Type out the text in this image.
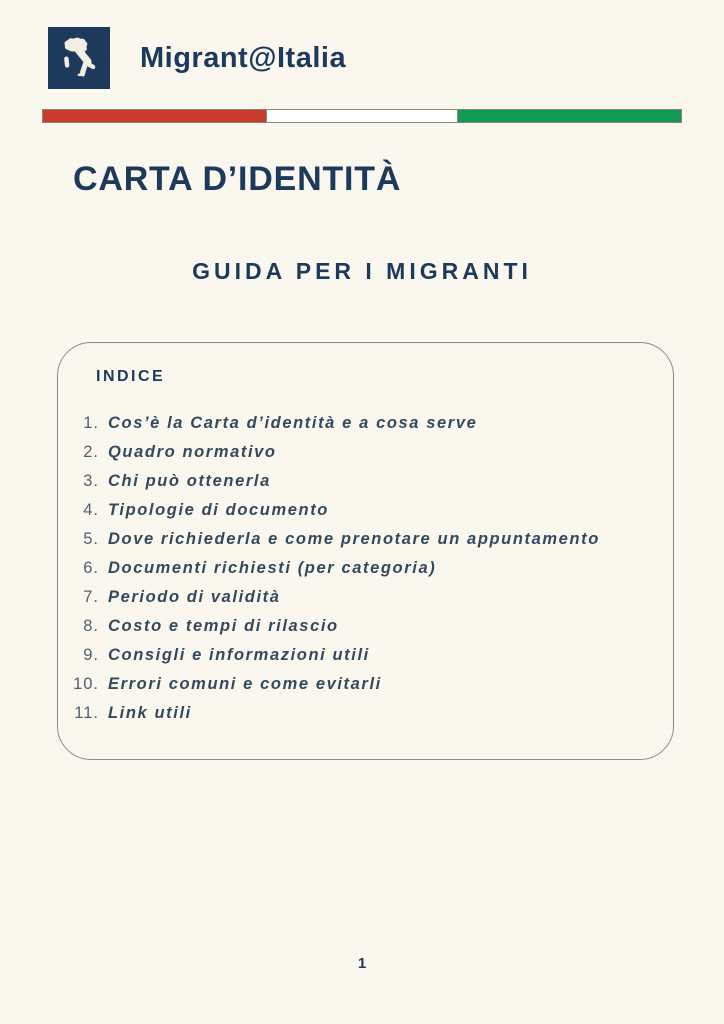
Migrant@Italia
CARTA D’IDENTITÀ
GUIDA PER I MIGRANTI
INDICE
1. Cos’è la Carta d’identità e a cosa serve
2. Quadro normativo
3. Chi può ottenerla
4. Tipologie di documento
5. Dove richiederla e come prenotare un appuntamento
6. Documenti richiesti (per categoria)
7. Periodo di validità
8. Costo e tempi di rilascio
9. Consigli e informazioni utili
10. Errori comuni e come evitarli
11. Link utili
1
